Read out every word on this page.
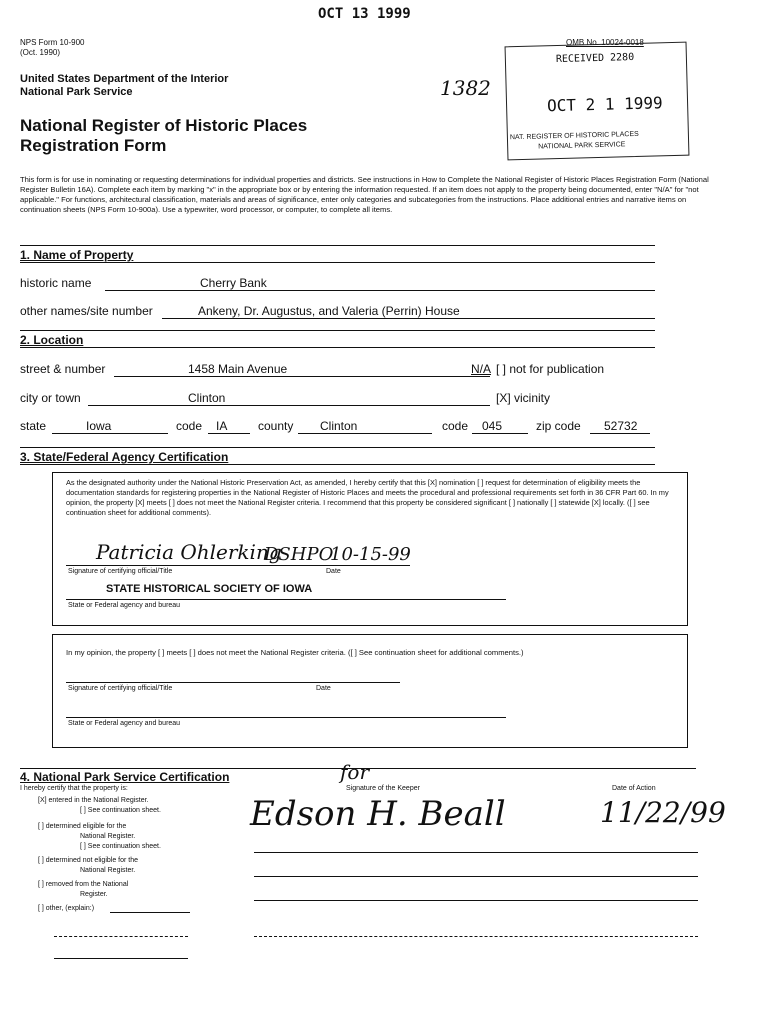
OCT 13 1999
NPS Form 10-900
(Oct. 1990)
United States Department of the Interior
National Park Service
National Register of Historic Places
Registration Form
OMB No. 10024-0018
1382
RECEIVED 2280
OCT 2 1 1999
NAT. REGISTER OF HISTORIC PLACES
NATIONAL PARK SERVICE
This form is for use in nominating or requesting determinations for individual properties and districts. See instructions in How to Complete the National Register of Historic Places Registration Form (National Register Bulletin 16A). Complete each item by marking "x" in the appropriate box or by entering the information requested. If an item does not apply to the property being documented, enter "N/A" for "not applicable." For functions, architectural classification, materials and areas of significance, enter only categories and subcategories from the instructions. Place additional entries and narrative items on continuation sheets (NPS Form 10-900a). Use a typewriter, word processor, or computer, to complete all items.
1. Name of Property
historic name	Cherry Bank
other names/site number	Ankeny, Dr. Augustus, and Valeria (Perrin) House
2. Location
street & number	1458 Main Avenue	N/A [ ] not for publication
city or town	Clinton	[X] vicinity
state	Iowa	code IA	county Clinton	code 045	zip code 52732
3. State/Federal Agency Certification
As the designated authority under the National Historic Preservation Act, as amended, I hereby certify that this [X] nomination [ ] request for determination of eligibility meets the documentation standards for registering properties in the National Register of Historic Places and meets the procedural and professional requirements set forth in 36 CFR Part 60. In my opinion, the property [X] meets [ ] does not meet the National Register criteria. I recommend that this property be considered significant [ ] nationally [ ] statewide [X] locally. ([ ] see continuation sheet for additional comments).
Patricia Ohlerking
DSHPO
10-15-99
Signature of certifying official/Title	Date
STATE HISTORICAL SOCIETY OF IOWA
State or Federal agency and bureau
In my opinion, the property [ ] meets [ ] does not meet the National Register criteria. ([ ] See continuation sheet for additional comments.)
Signature of certifying official/Title	Date
State or Federal agency and bureau
4. National Park Service Certification
I hereby certify that the property is:	Signature of the Keeper	Date of Action
for
Edson H. Beall	11/22/99
[X] entered in the National Register.
[ ] See continuation sheet.
[ ] determined eligible for the
National Register.
[ ] See continuation sheet.
[ ] determined not eligible for the
National Register.
[ ] removed from the National
Register.
[ ] other, (explain:)
